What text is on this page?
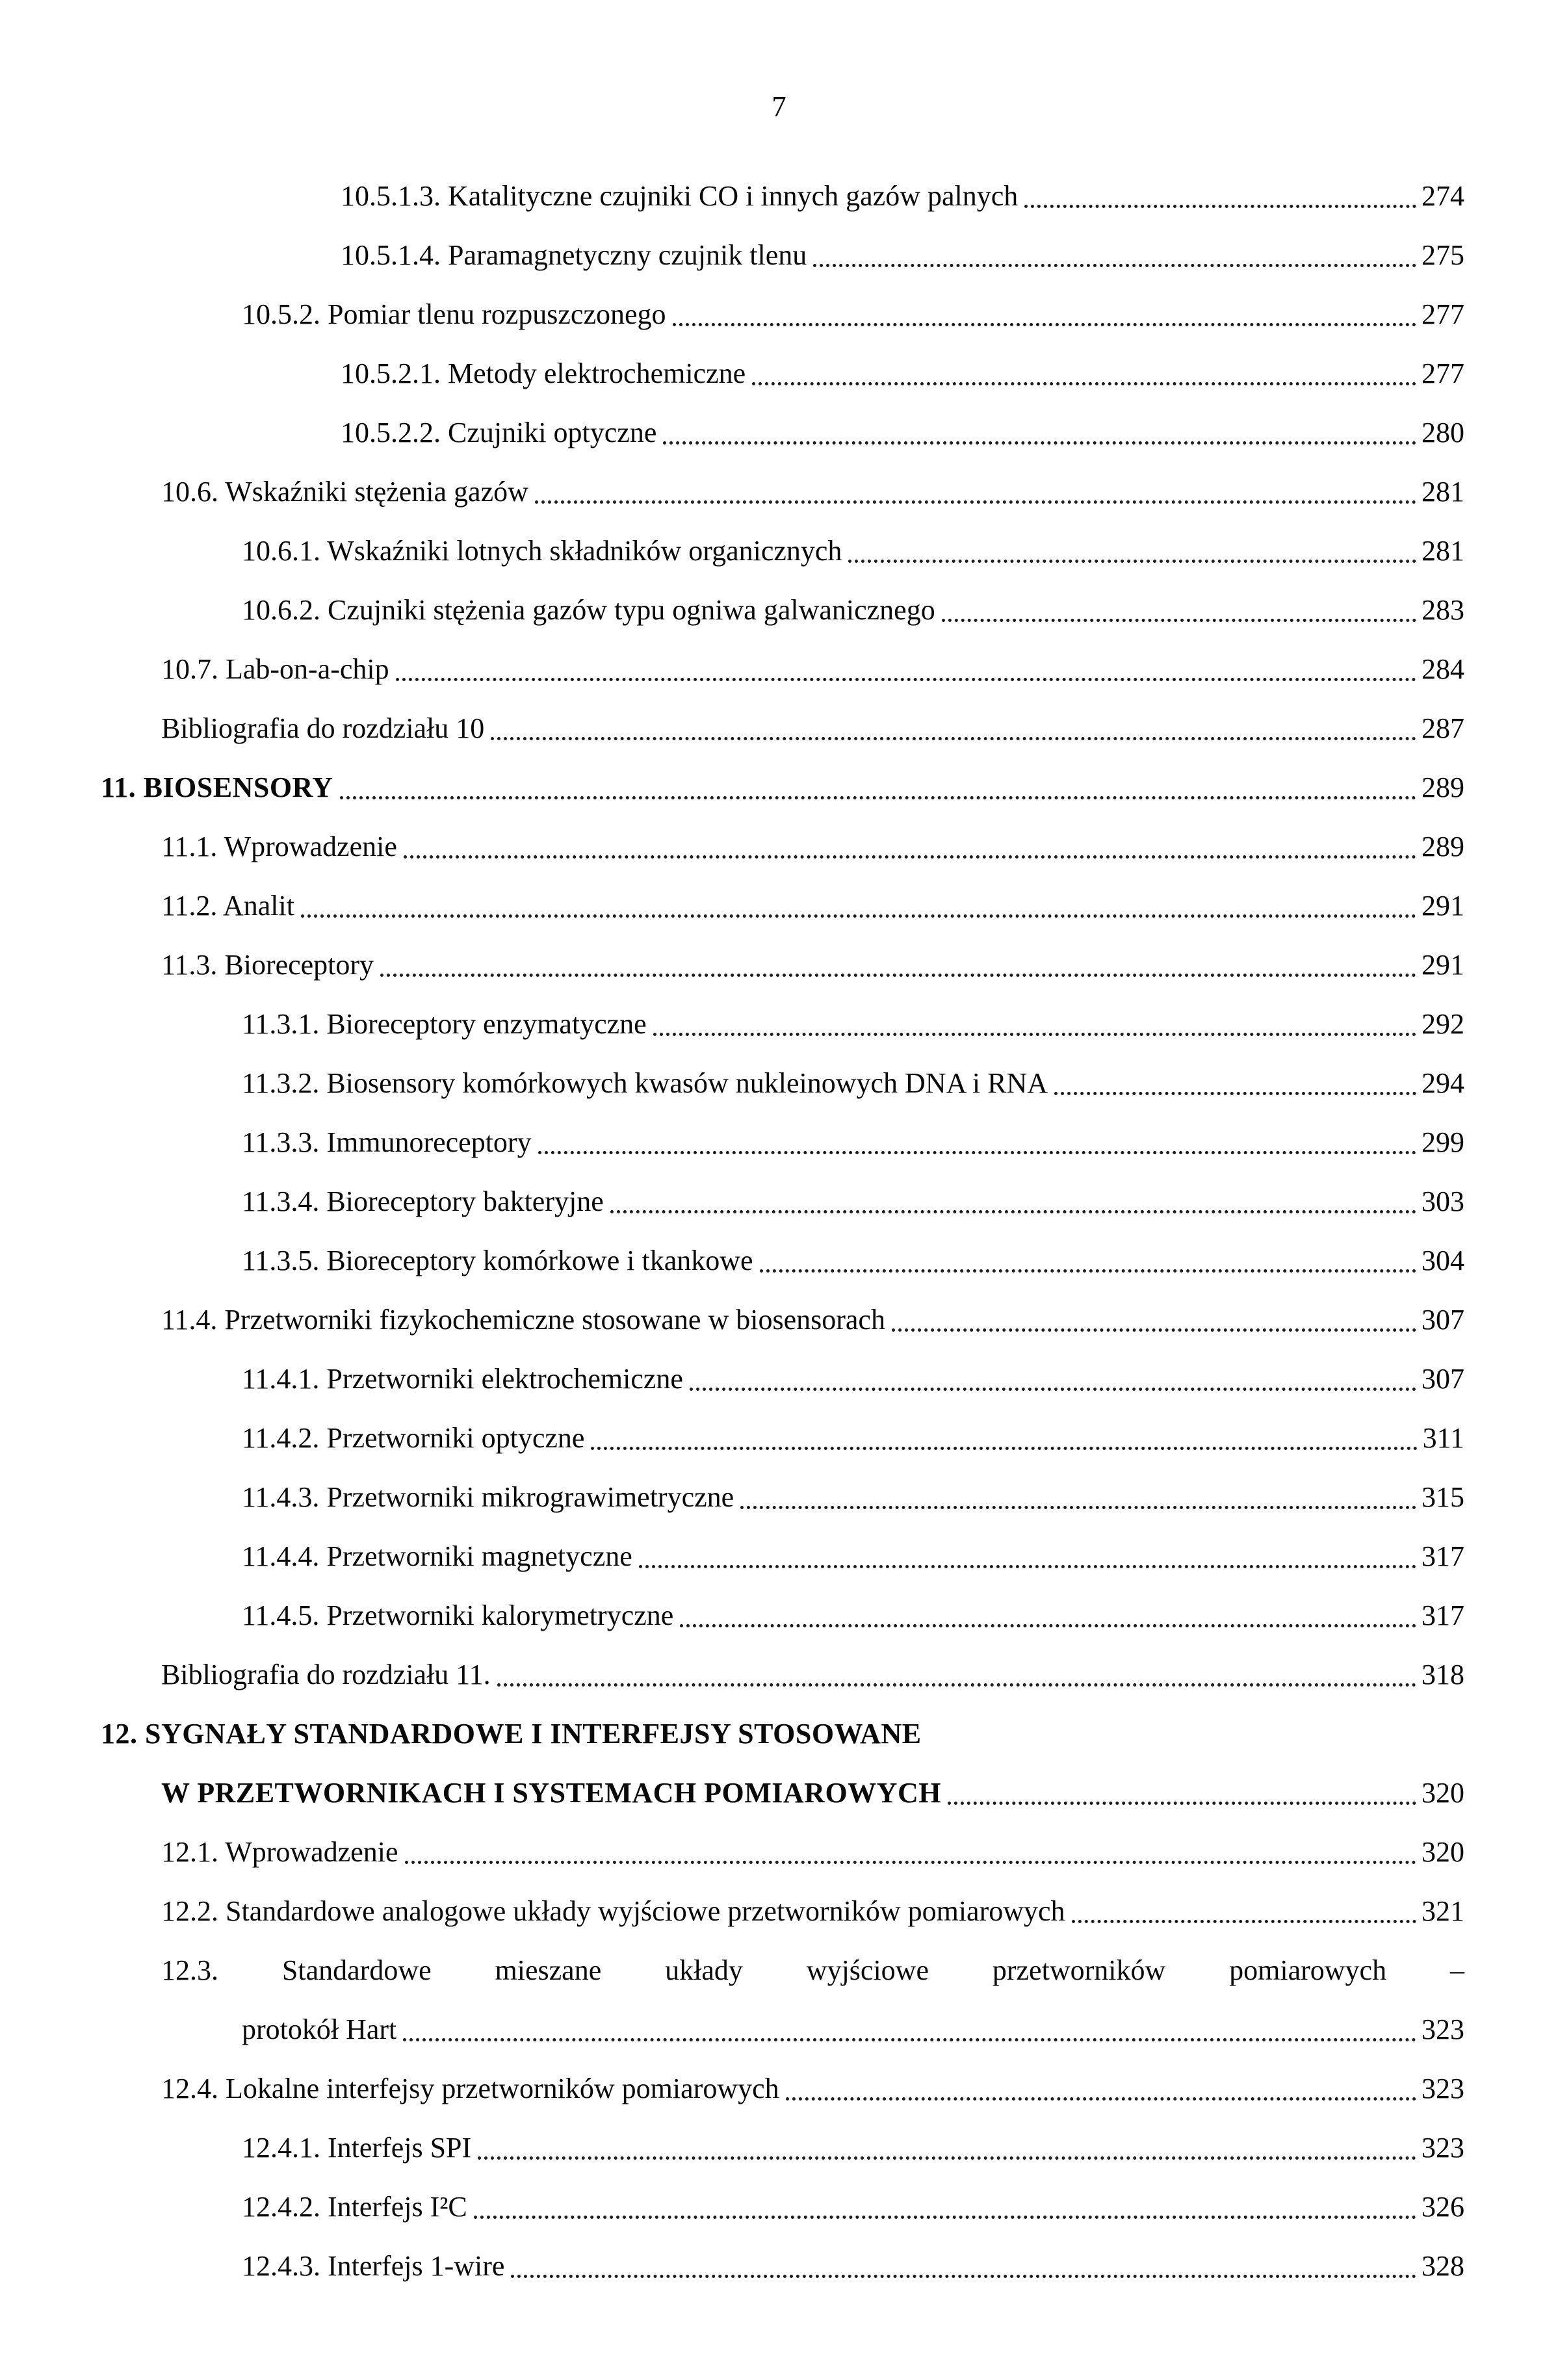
7
10.5.1.3. Katalityczne czujniki CO i innych gazów palnych	274
10.5.1.4. Paramagnetyczny czujnik tlenu	275
10.5.2. Pomiar tlenu rozpuszczonego	277
10.5.2.1. Metody elektrochemiczne	277
10.5.2.2. Czujniki optyczne	280
10.6. Wskaźniki stężenia gazów	281
10.6.1. Wskaźniki lotnych składników organicznych	281
10.6.2. Czujniki stężenia gazów typu ogniwa galwanicznego	283
10.7. Lab-on-a-chip	284
Bibliografia do rozdziału 10	287
11. BIOSENSORY	289
11.1. Wprowadzenie	289
11.2. Analit	291
11.3. Bioreceptory	291
11.3.1. Bioreceptory enzymatyczne	292
11.3.2. Biosensory komórkowych kwasów nukleinowych DNA i RNA	294
11.3.3. Immunoreceptory	299
11.3.4. Bioreceptory bakteryjne	303
11.3.5. Bioreceptory komórkowe i tkankowe	304
11.4. Przetworniki fizykochemiczne stosowane w biosensorach	307
11.4.1. Przetworniki elektrochemiczne	307
11.4.2. Przetworniki optyczne	311
11.4.3. Przetworniki mikrograwimetryczne	315
11.4.4. Przetworniki magnetyczne	317
11.4.5. Przetworniki kalorymetryczne	317
Bibliografia do rozdziału 11.	318
12. SYGNAŁY STANDARDOWE I INTERFEJSY STOSOWANE
W PRZETWORNIKACH I SYSTEMACH POMIAROWYCH	320
12.1. Wprowadzenie	320
12.2. Standardowe analogowe układy wyjściowe przetworników pomiarowych	321
12.3. Standardowe mieszane układy wyjściowe przetworników pomiarowych –
protokół Hart	323
12.4. Lokalne interfejsy przetworników pomiarowych	323
12.4.1. Interfejs SPI	323
12.4.2. Interfejs I²C	326
12.4.3. Interfejs 1-wire	328
